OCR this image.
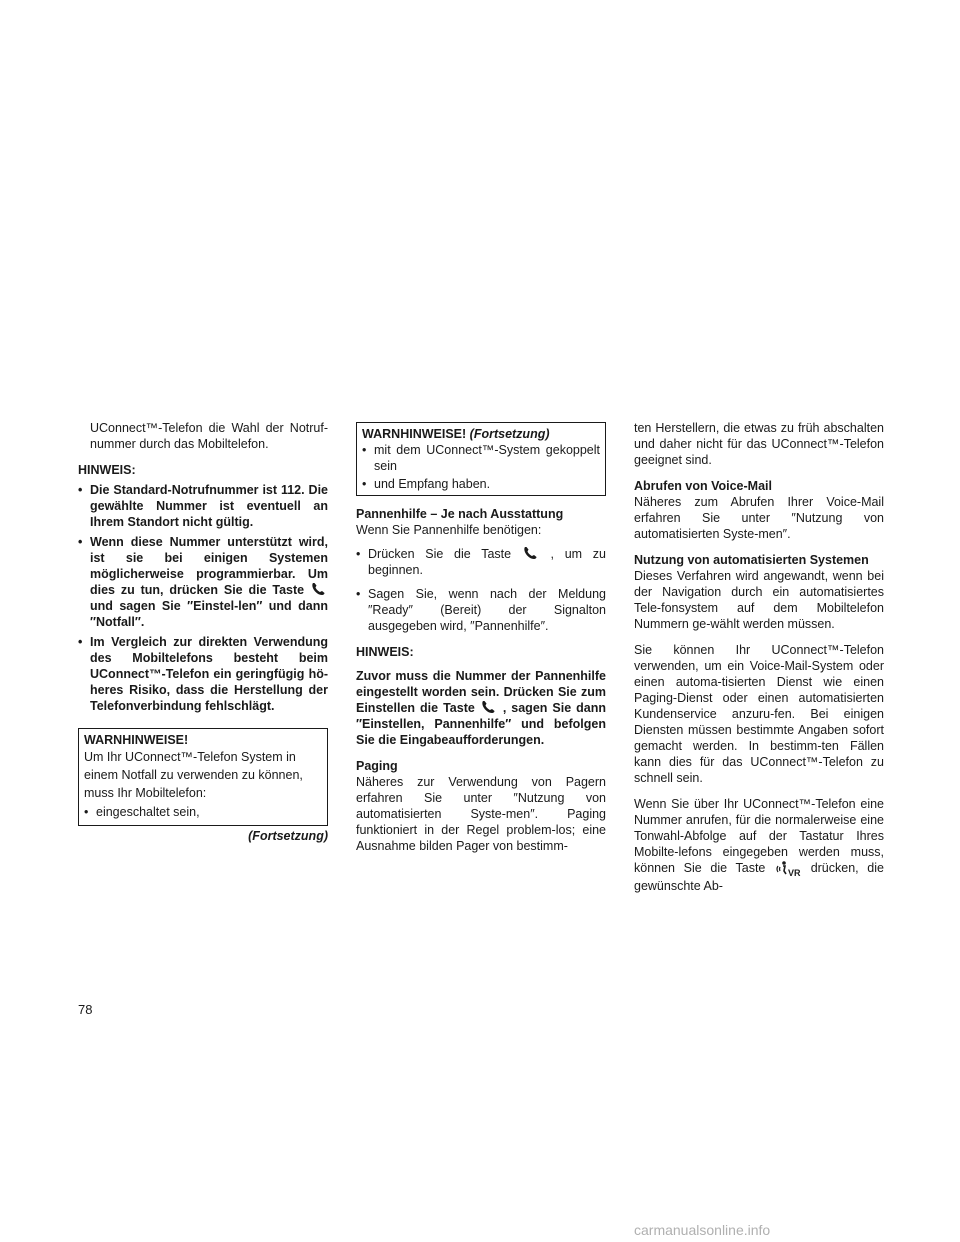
UConnect™-Telefon die Wahl der Notruf-nummer durch das Mobiltelefon.

HINWEIS:

• Die Standard-Notrufnummer ist 112. Die gewählte Nummer ist eventuell an Ihrem Standort nicht gültig.
• Wenn diese Nummer unterstützt wird, ist sie bei einigen Systemen möglicherweise programmierbar. Um dies zu tun, drücken Sie die Taste  und sagen Sie ″Einstel-len″ und dann ″Notfall″.
• Im Vergleich zur direkten Verwendung des Mobiltelefons besteht beim UConnect™-Telefon ein geringfügig hö-heres Risiko, dass die Herstellung der Telefonverbindung fehlschlägt.
WARNHINWEISE!
Um Ihr UConnect™-Telefon System in einem Notfall zu verwenden zu können, muss Ihr Mobiltelefon:
• eingeschaltet sein,
(Fortsetzung)
WARNHINWEISE! (Fortsetzung)
• mit dem UConnect™-System gekoppelt sein
• und Empfang haben.

Pannenhilfe – Je nach Ausstattung

Wenn Sie Pannenhilfe benötigen:

• Drücken Sie die Taste	, um zu beginnen.
• Sagen Sie, wenn nach der Meldung ″Ready″ (Bereit) der Signalton ausgegeben wird, ″Pannenhilfe″.

HINWEIS:

Zuvor muss die Nummer der Pannenhilfe eingestellt worden sein. Drücken Sie zum Einstellen die Taste , sagen Sie dann ″Einstellen, Pannenhilfe″ und befolgen Sie die Eingabeaufforderungen.

Paging

Näheres zur Verwendung von Pagern erfahren Sie unter ″Nutzung von automatisierten Syste-men″. Paging funktioniert in der Regel problem-los; eine Ausnahme bilden Pager von bestimm-

ten Herstellern, die etwas zu früh abschalten und daher nicht für das UConnect™-Telefon geeignet sind.

Abrufen von Voice-Mail

Näheres zum Abrufen Ihrer Voice-Mail erfahren Sie unter ″Nutzung von automatisierten Syste-men″.

Nutzung von automatisierten Systemen

Dieses Verfahren wird angewandt, wenn bei der Navigation durch ein automatisiertes Tele-fonsystem auf dem Mobiltelefon Nummern ge-wählt werden müssen.

Sie können Ihr UConnect™-Telefon verwenden, um ein Voice-Mail-System oder einen automa-tisierten Dienst wie einen Paging-Dienst oder einen automatisierten Kundenservice anzuru-fen. Bei einigen Diensten müssen bestimmte Angaben sofort gemacht werden. In bestimm-ten Fällen kann dies für das UConnect™-Telefon zu schnell sein.

Wenn Sie über Ihr UConnect™-Telefon eine Nummer anrufen, für die normalerweise eine Tonwahl-Abfolge auf der Tastatur Ihres Mobilte-lefons eingegeben werden muss, können Sie die Taste	VR drücken, die gewünschte Ab-

78
carmanualsonline.info
